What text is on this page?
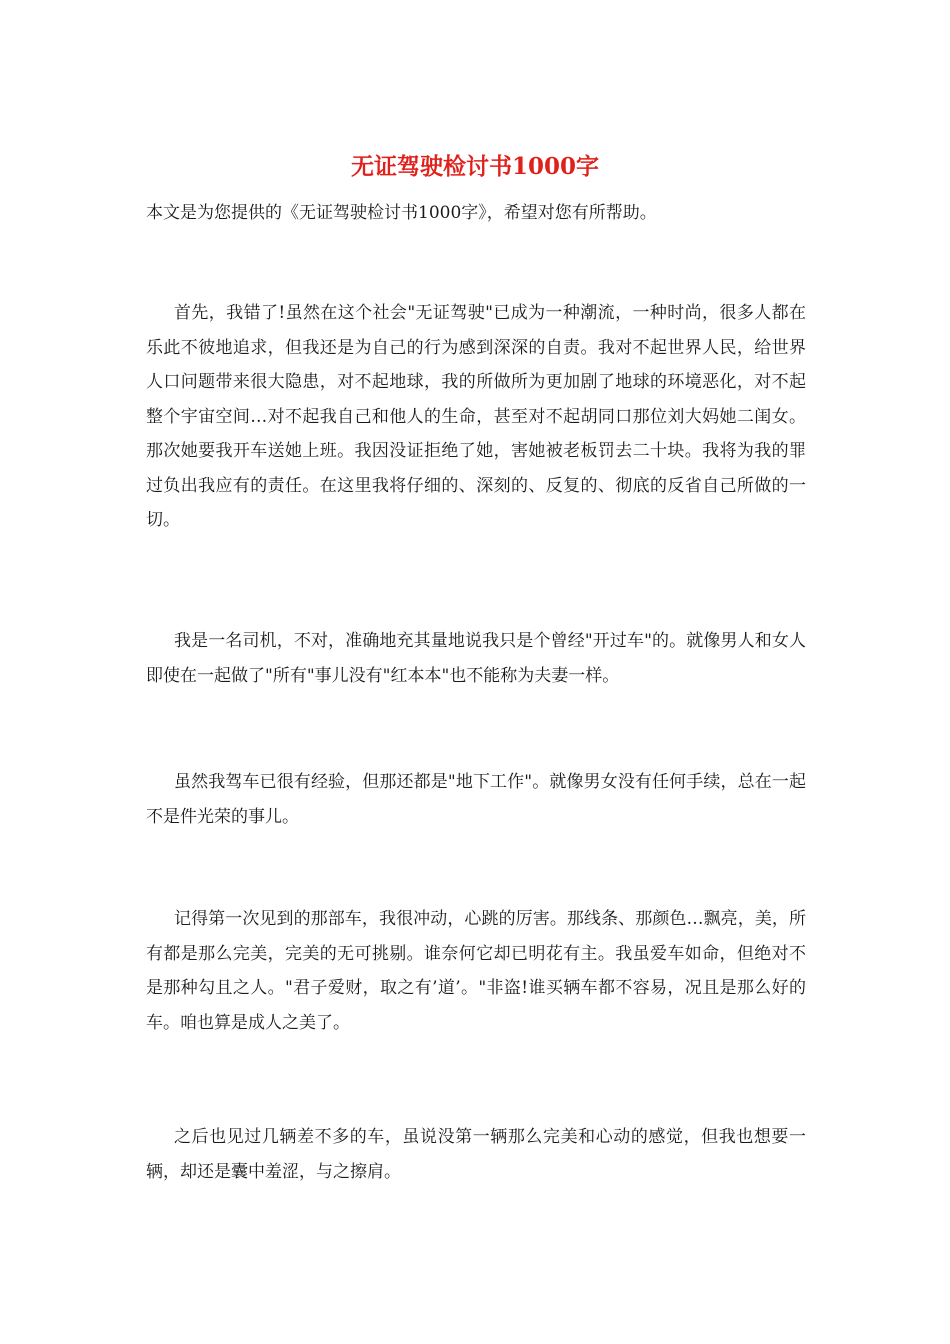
无证驾驶检讨书1000字

本文是为您提供的《无证驾驶检讨书1000字》，希望对您有所帮助。

首先，我错了!虽然在这个社会"无证驾驶"已成为一种潮流，一种时尚，很多人都在乐此不彼地追求，但我还是为自己的行为感到深深的自责。我对不起世界人民，给世界人口问题带来很大隐患，对不起地球，我的所做所为更加剧了地球的环境恶化，对不起整个宇宙空间…对不起我自己和他人的生命，甚至对不起胡同口那位刘大妈她二闺女。那次她要我开车送她上班。我因没证拒绝了她，害她被老板罚去二十块。我将为我的罪过负出我应有的责任。在这里我将仔细的、深刻的、反复的、彻底的反省自己所做的一切。

我是一名司机，不对，准确地充其量地说我只是个曾经"开过车"的。就像男人和女人即使在一起做了"所有"事儿没有"红本本"也不能称为夫妻一样。

虽然我驾车已很有经验，但那还都是"地下工作"。就像男女没有任何手续，总在一起不是件光荣的事儿。

记得第一次见到的那部车，我很冲动，心跳的厉害。那线条、那颜色…飘亮，美，所有都是那么完美，完美的无可挑剔。谁奈何它却已明花有主。我虽爱车如命，但绝对不是那种勾且之人。"君子爱财，取之有’道’。"非盗!谁买辆车都不容易，况且是那么好的车。咱也算是成人之美了。

之后也见过几辆差不多的车，虽说没第一辆那么完美和心动的感觉，但我也想要一辆，却还是囊中羞涩，与之擦肩。
